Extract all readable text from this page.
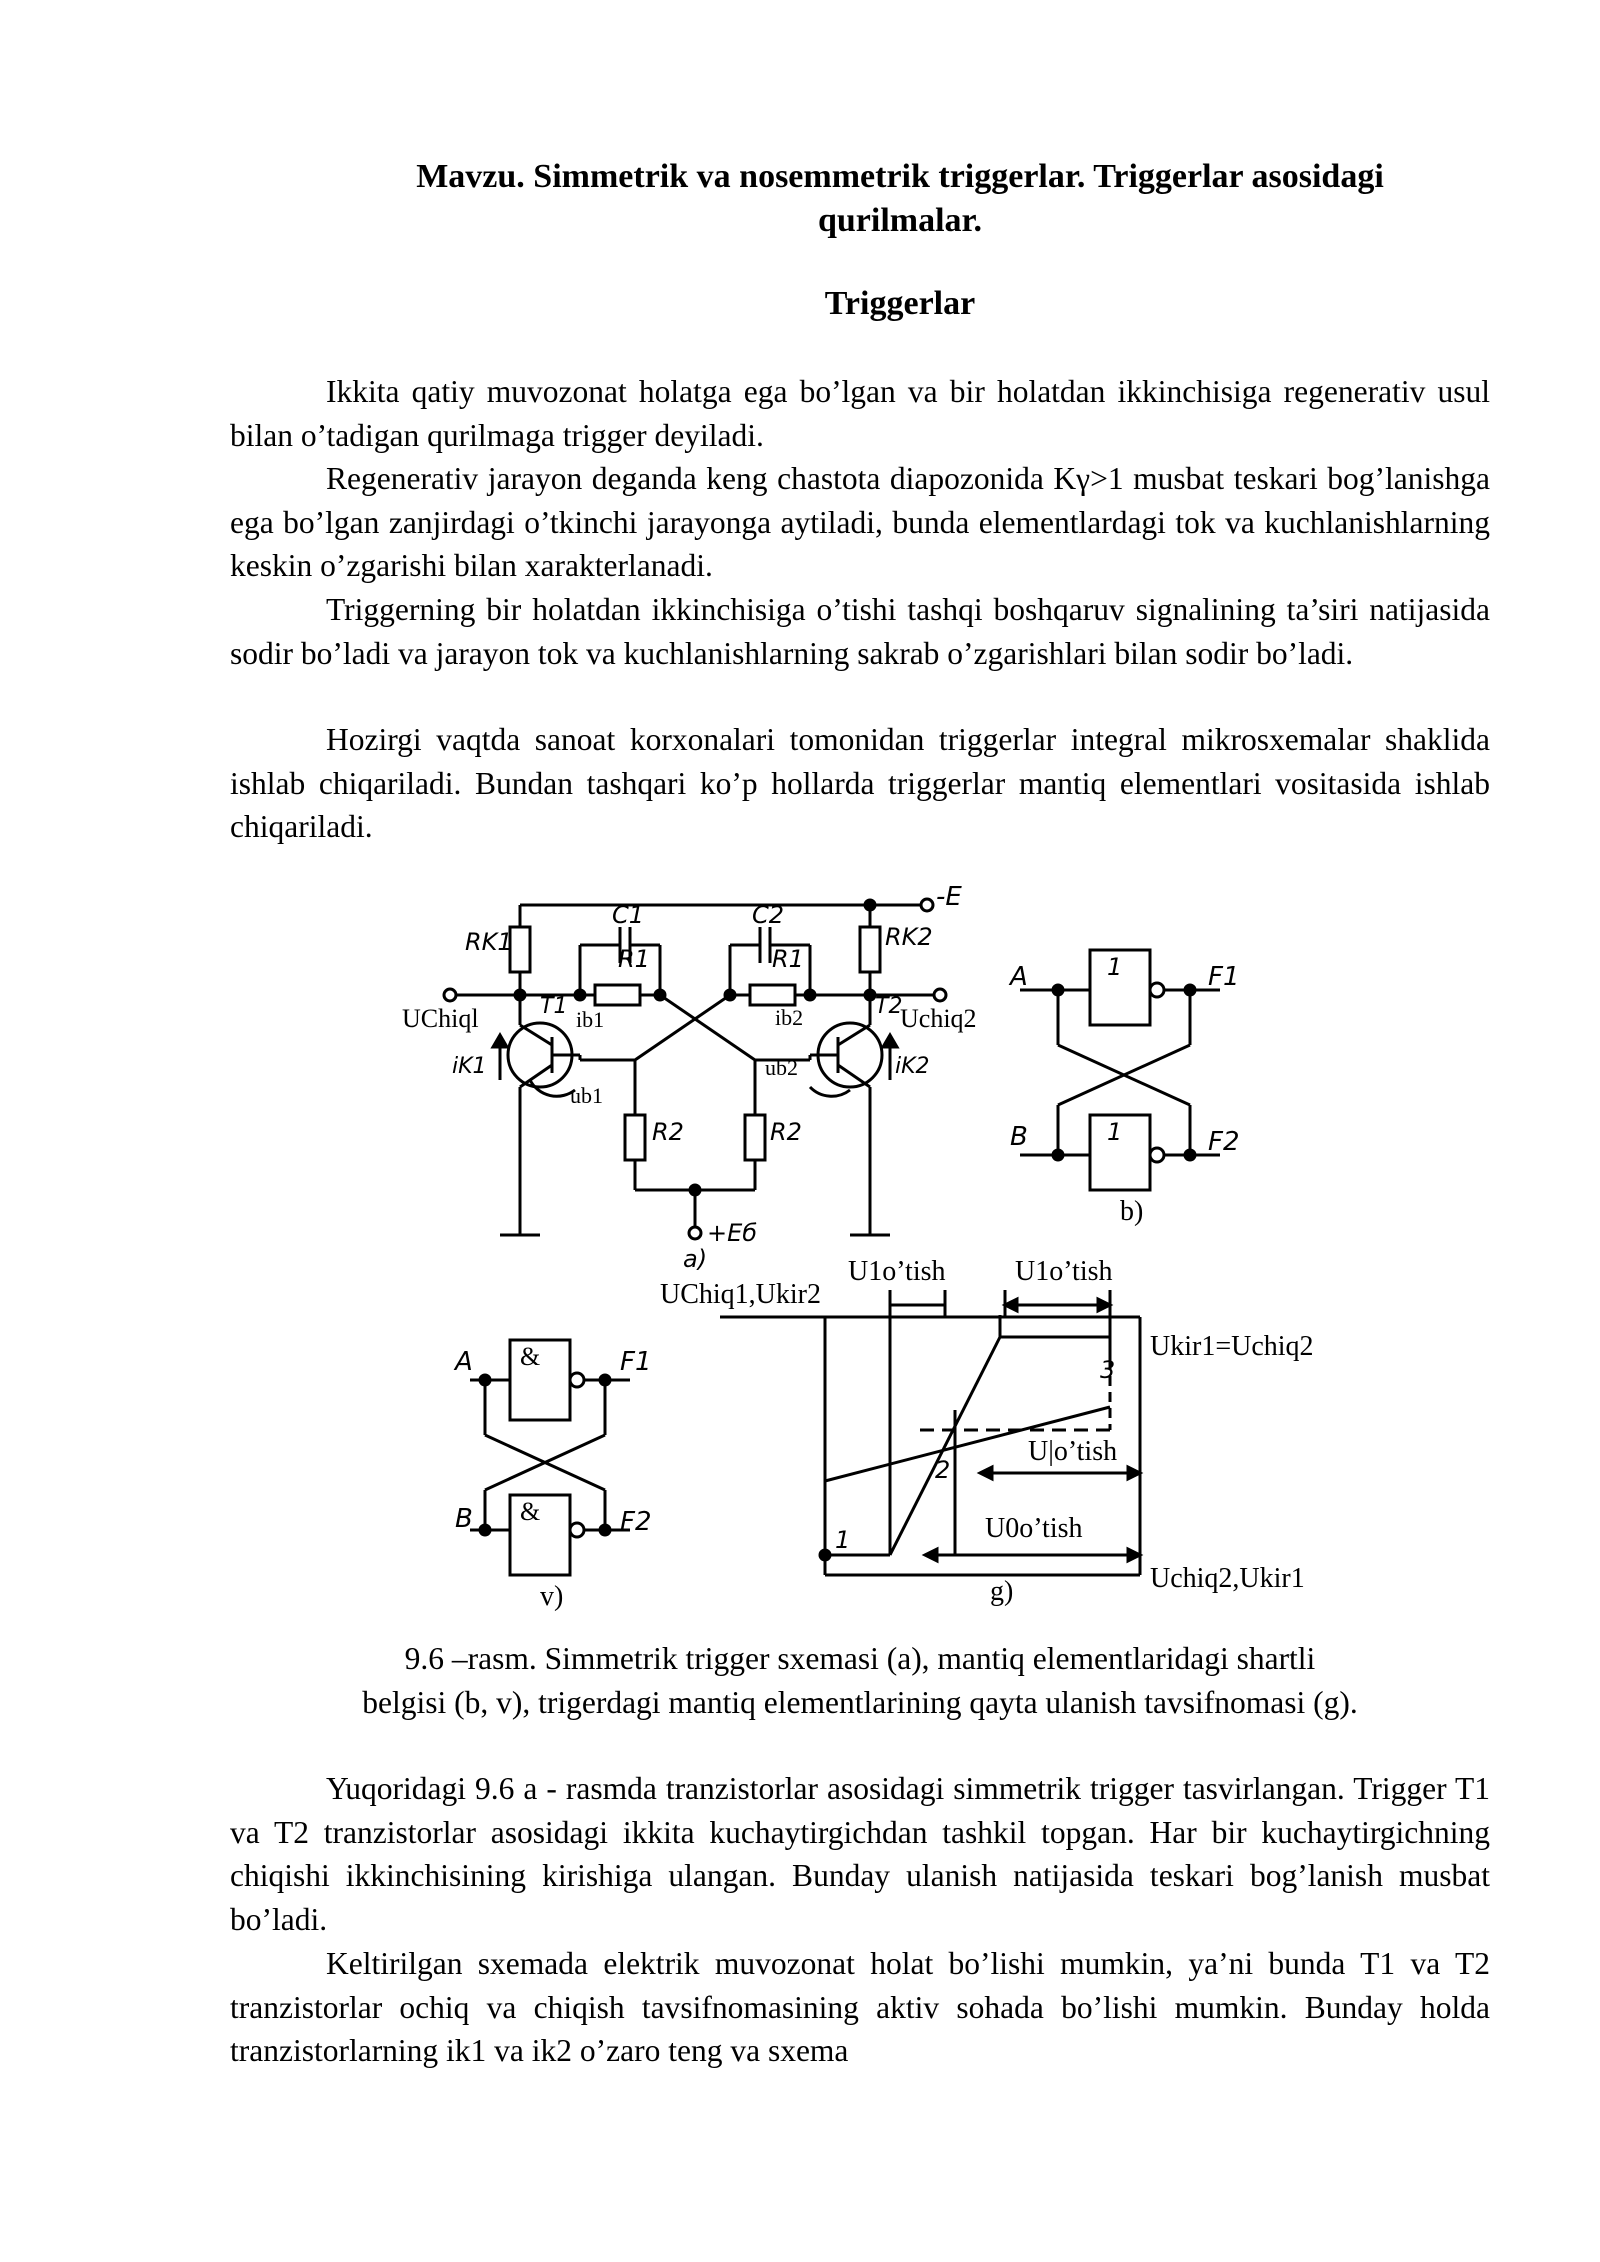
Mavzu. Simmetrik va nosemmetrik triggerlar. Triggerlar asosidagi
qurilmalar.
Triggerlar

Ikkita qatiy muvozonat holatga ega bo’lgan va bir holatdan ikkinchisiga regenerativ usul bilan o’tadigan qurilmaga trigger deyiladi.

Regenerativ jarayon deganda keng chastota diapozonida Kγ>1 musbat teskari bog’lanishga ega bo’lgan zanjirdagi o’tkinchi jarayonga aytiladi, bunda elementlardagi tok va kuchlanishlarning keskin o’zgarishi bilan xarakterlanadi.

Triggerning bir holatdan ikkinchisiga o’tishi tashqi boshqaruv signalining ta’siri natijasida sodir bo’ladi va jarayon tok va kuchlanishlarning sakrab o’zgarishlari bilan sodir bo’ladi.

Hozirgi vaqtda sanoat korxonalari tomonidan triggerlar integral mikrosxemalar shaklida ishlab chiqariladi. Bundan tashqari ko’p hollarda triggerlar mantiq elementlari vositasida ishlab chiqariladi.

-E
RK1	RK2
C1
R1
C2
R1
T1	T2
R2	R2
+Eб
a)
UChiql	Uchiq2
ib1	ib2
ub1
ub2
iK1	iK2
A	1	F1
B	1	F2
b)
A &	F1
B &	F2
v)
UChiq1,Ukir2
1
2
3
U1o’tish U1o’tish
Ukir1=Uchiq2
U|o’tish
U0o’tish
Uchiq2,Ukir1
g)

9.6 –rasm. Simmetrik trigger sxemasi (a), mantiq elementlaridagi shartli
belgisi (b, v), trigerdagi mantiq elementlarining qayta ulanish tavsifnomasi (g).

Yuqoridagi 9.6 a - rasmda tranzistorlar asosidagi simmetrik trigger tasvirlangan. Trigger T1 va T2 tranzistorlar asosidagi ikkita kuchaytirgichdan tashkil topgan. Har bir kuchaytirgichning chiqishi ikkinchisining kirishiga ulangan. Bunday ulanish natijasida teskari bog’lanish musbat bo’ladi.

Keltirilgan sxemada elektrik muvozonat holat bo’lishi mumkin, ya’ni bunda T1 va T2 tranzistorlar ochiq va chiqish tavsifnomasining aktiv sohada bo’lishi mumkin. Bunday holda tranzistorlarning ik1 va ik2 o’zaro teng va sxema
